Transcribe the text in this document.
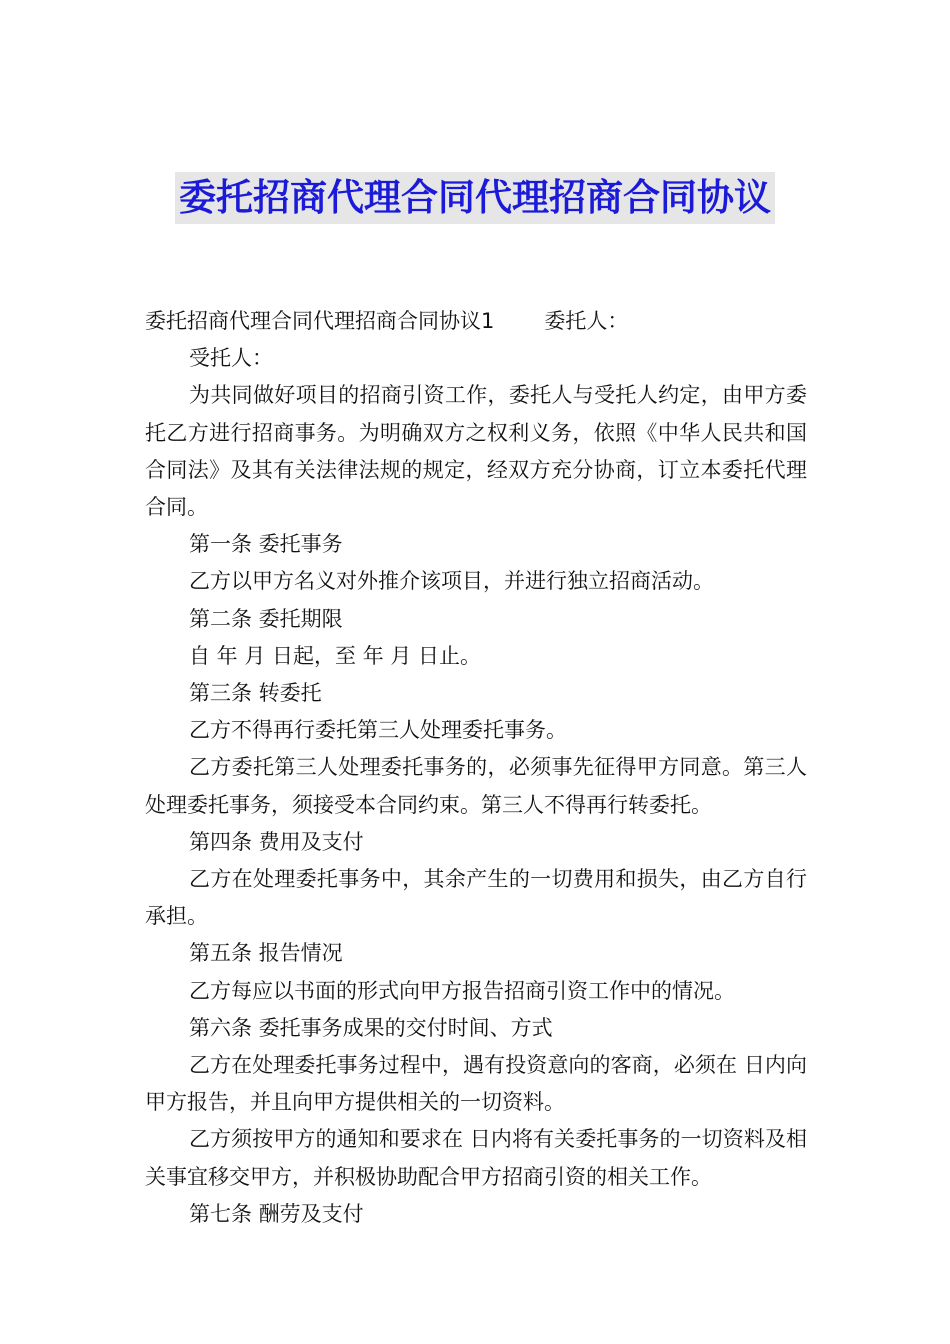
委托招商代理合同代理招商合同协议

委托招商代理合同代理招商合同协议1 委托人：

受托人：

为共同做好项目的招商引资工作，委托人与受托人约定，由甲方委托乙方进行招商事务。为明确双方之权利义务，依照《中华人民共和国合同法》及其有关法律法规的规定，经双方充分协商，订立本委托代理合同。

第一条 委托事务

乙方以甲方名义对外推介该项目，并进行独立招商活动。

第二条 委托期限

自 年 月 日起，至 年 月 日止。

第三条 转委托

乙方不得再行委托第三人处理委托事务。

乙方委托第三人处理委托事务的，必须事先征得甲方同意。第三人处理委托事务，须接受本合同约束。第三人不得再行转委托。

第四条 费用及支付

乙方在处理委托事务中，其余产生的一切费用和损失，由乙方自行承担。

第五条 报告情况

乙方每应以书面的形式向甲方报告招商引资工作中的情况。

第六条 委托事务成果的交付时间、方式

乙方在处理委托事务过程中，遇有投资意向的客商，必须在 日内向甲方报告，并且向甲方提供相关的一切资料。

乙方须按甲方的通知和要求在 日内将有关委托事务的一切资料及相关事宜移交甲方，并积极协助配合甲方招商引资的相关工作。

第七条 酬劳及支付
